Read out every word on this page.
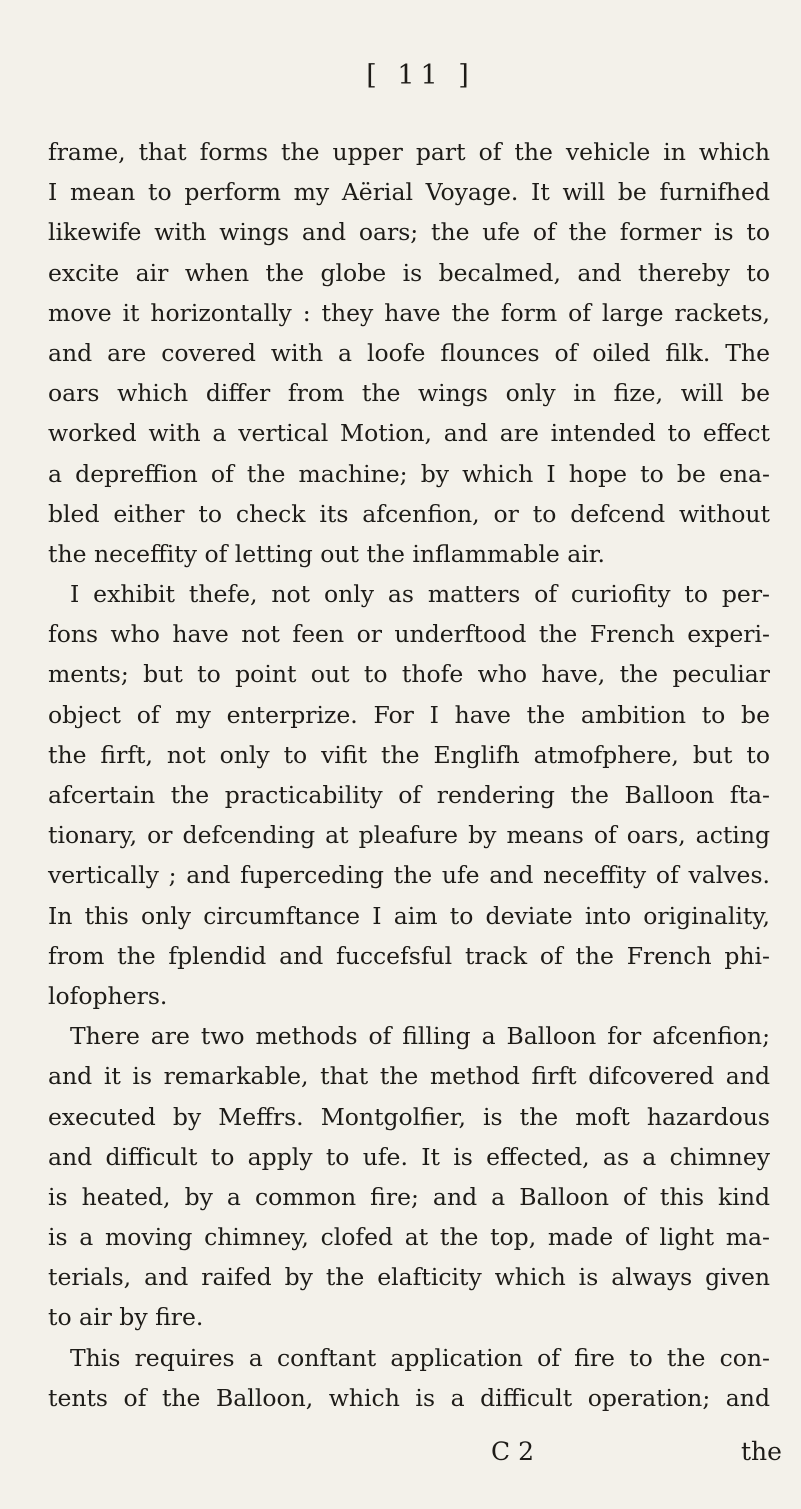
[ 11 ]
frame, that forms the upper part of the vehicle in which
I mean to perform my Aërial Voyage. It will be furnifhed
likewife with wings and oars; the ufe of the former is to
excite air when the globe is becalmed, and thereby to
move it horizontally : they have the form of large rackets,
and are covered with a loofe flounces of oiled filk. The
oars which differ from the wings only in fize, will be
worked with a vertical Motion, and are intended to effect
a depreffion of the machine; by which I hope to be ena-
bled either to check its afcenfion, or to defcend without
the neceffity of letting out the inflammable air.
I exhibit thefe, not only as matters of curiofity to per-
fons who have not feen or underftood the French experi-
ments; but to point out to thofe who have, the peculiar
object of my enterprize. For I have the ambition to be
the firft, not only to vifit the Englifh atmofphere, but to
afcertain the practicability of rendering the Balloon fta-
tionary, or defcending at pleafure by means of oars, acting
vertically ; and fuperceding the ufe and neceffity of valves.
In this only circumftance I aim to deviate into originality,
from the fplendid and fuccefsful track of the French phi-
lofophers.
There are two methods of filling a Balloon for afcenfion;
and it is remarkable, that the method firft difcovered and
executed by Meffrs. Montgolfier, is the moft hazardous
and difficult to apply to ufe. It is effected, as a chimney
is heated, by a common fire; and a Balloon of this kind
is a moving chimney, clofed at the top, made of light ma-
terials, and raifed by the elafticity which is always given
to air by fire.
This requires a conftant application of fire to the con-
tents of the Balloon, which is a difficult operation; and
C 2	the
